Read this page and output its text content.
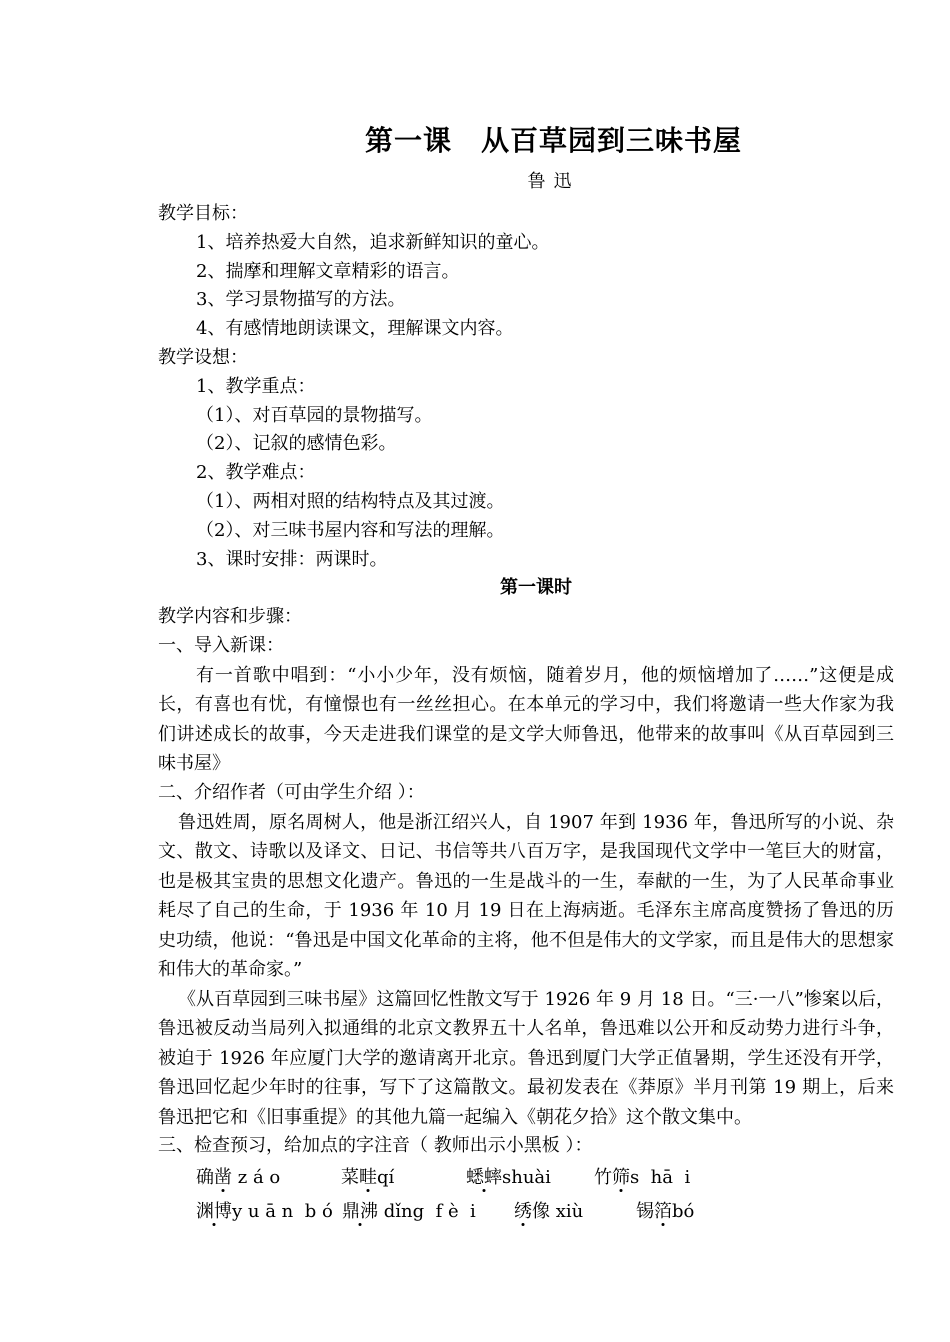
第一课　从百草园到三味书屋
鲁迅
教学目标：
1、培养热爱大自然，追求新鲜知识的童心。
2、揣摩和理解文章精彩的语言。
3、学习景物描写的方法。
4、有感情地朗读课文，理解课文内容。
教学设想：
1、教学重点：
（1）、对百草园的景物描写。
（2）、记叙的感情色彩。
2、教学难点：
（1）、两相对照的结构特点及其过渡。
（2）、对三味书屋内容和写法的理解。
3、课时安排：两课时。
第一课时
教学内容和步骤：
一、导入新课：
有一首歌中唱到：“小小少年，没有烦恼，随着岁月，他的烦恼增加了……”这便是成长，有喜也有忧，有憧憬也有一丝丝担心。在本单元的学习中，我们将邀请一些大作家为我们讲述成长的故事，今天走进我们课堂的是文学大师鲁迅，他带来的故事叫《从百草园到三味书屋》
二、介绍作者（可由学生介绍 ）：
鲁迅姓周，原名周树人，他是浙江绍兴人，自 1907 年到 1936 年，鲁迅所写的小说、杂文、散文、诗歌以及译文、日记、书信等共八百万字，是我国现代文学中一笔巨大的财富，也是极其宝贵的思想文化遗产。鲁迅的一生是战斗的一生，奉献的一生，为了人民革命事业耗尽了自己的生命，于 1936 年 10 月 19 日在上海病逝。毛泽东主席高度赞扬了鲁迅的历史功绩，他说：“鲁迅是中国文化革命的主将，他不但是伟大的文学家，而且是伟大的思想家和伟大的革命家。”
《从百草园到三味书屋》这篇回忆性散文写于 1926 年 9 月 18 日。“三·一八”惨案以后，鲁迅被反动当局列入拟通缉的北京文教界五十人名单，鲁迅难以公开和反动势力进行斗争，被迫于 1926 年应厦门大学的邀请离开北京。鲁迅到厦门大学正值暑期，学生还没有开学，鲁迅回忆起少年时的往事，写下了这篇散文。最初发表在《莽原》半月刊第 19 期上，后来鲁迅把它和《旧事重提》的其他九篇一起编入《朝花夕拾》这个散文集中。
三、检查预习，给加点的字注音（ 教师出示小黑板 ）：
确凿 z á o	菜畦qí	蟋蟀shuài 竹筛s  hā  i
渊博y u ā n  b ó 鼎沸 dǐng  f è  i 绣像 xiù	锡箔bó
